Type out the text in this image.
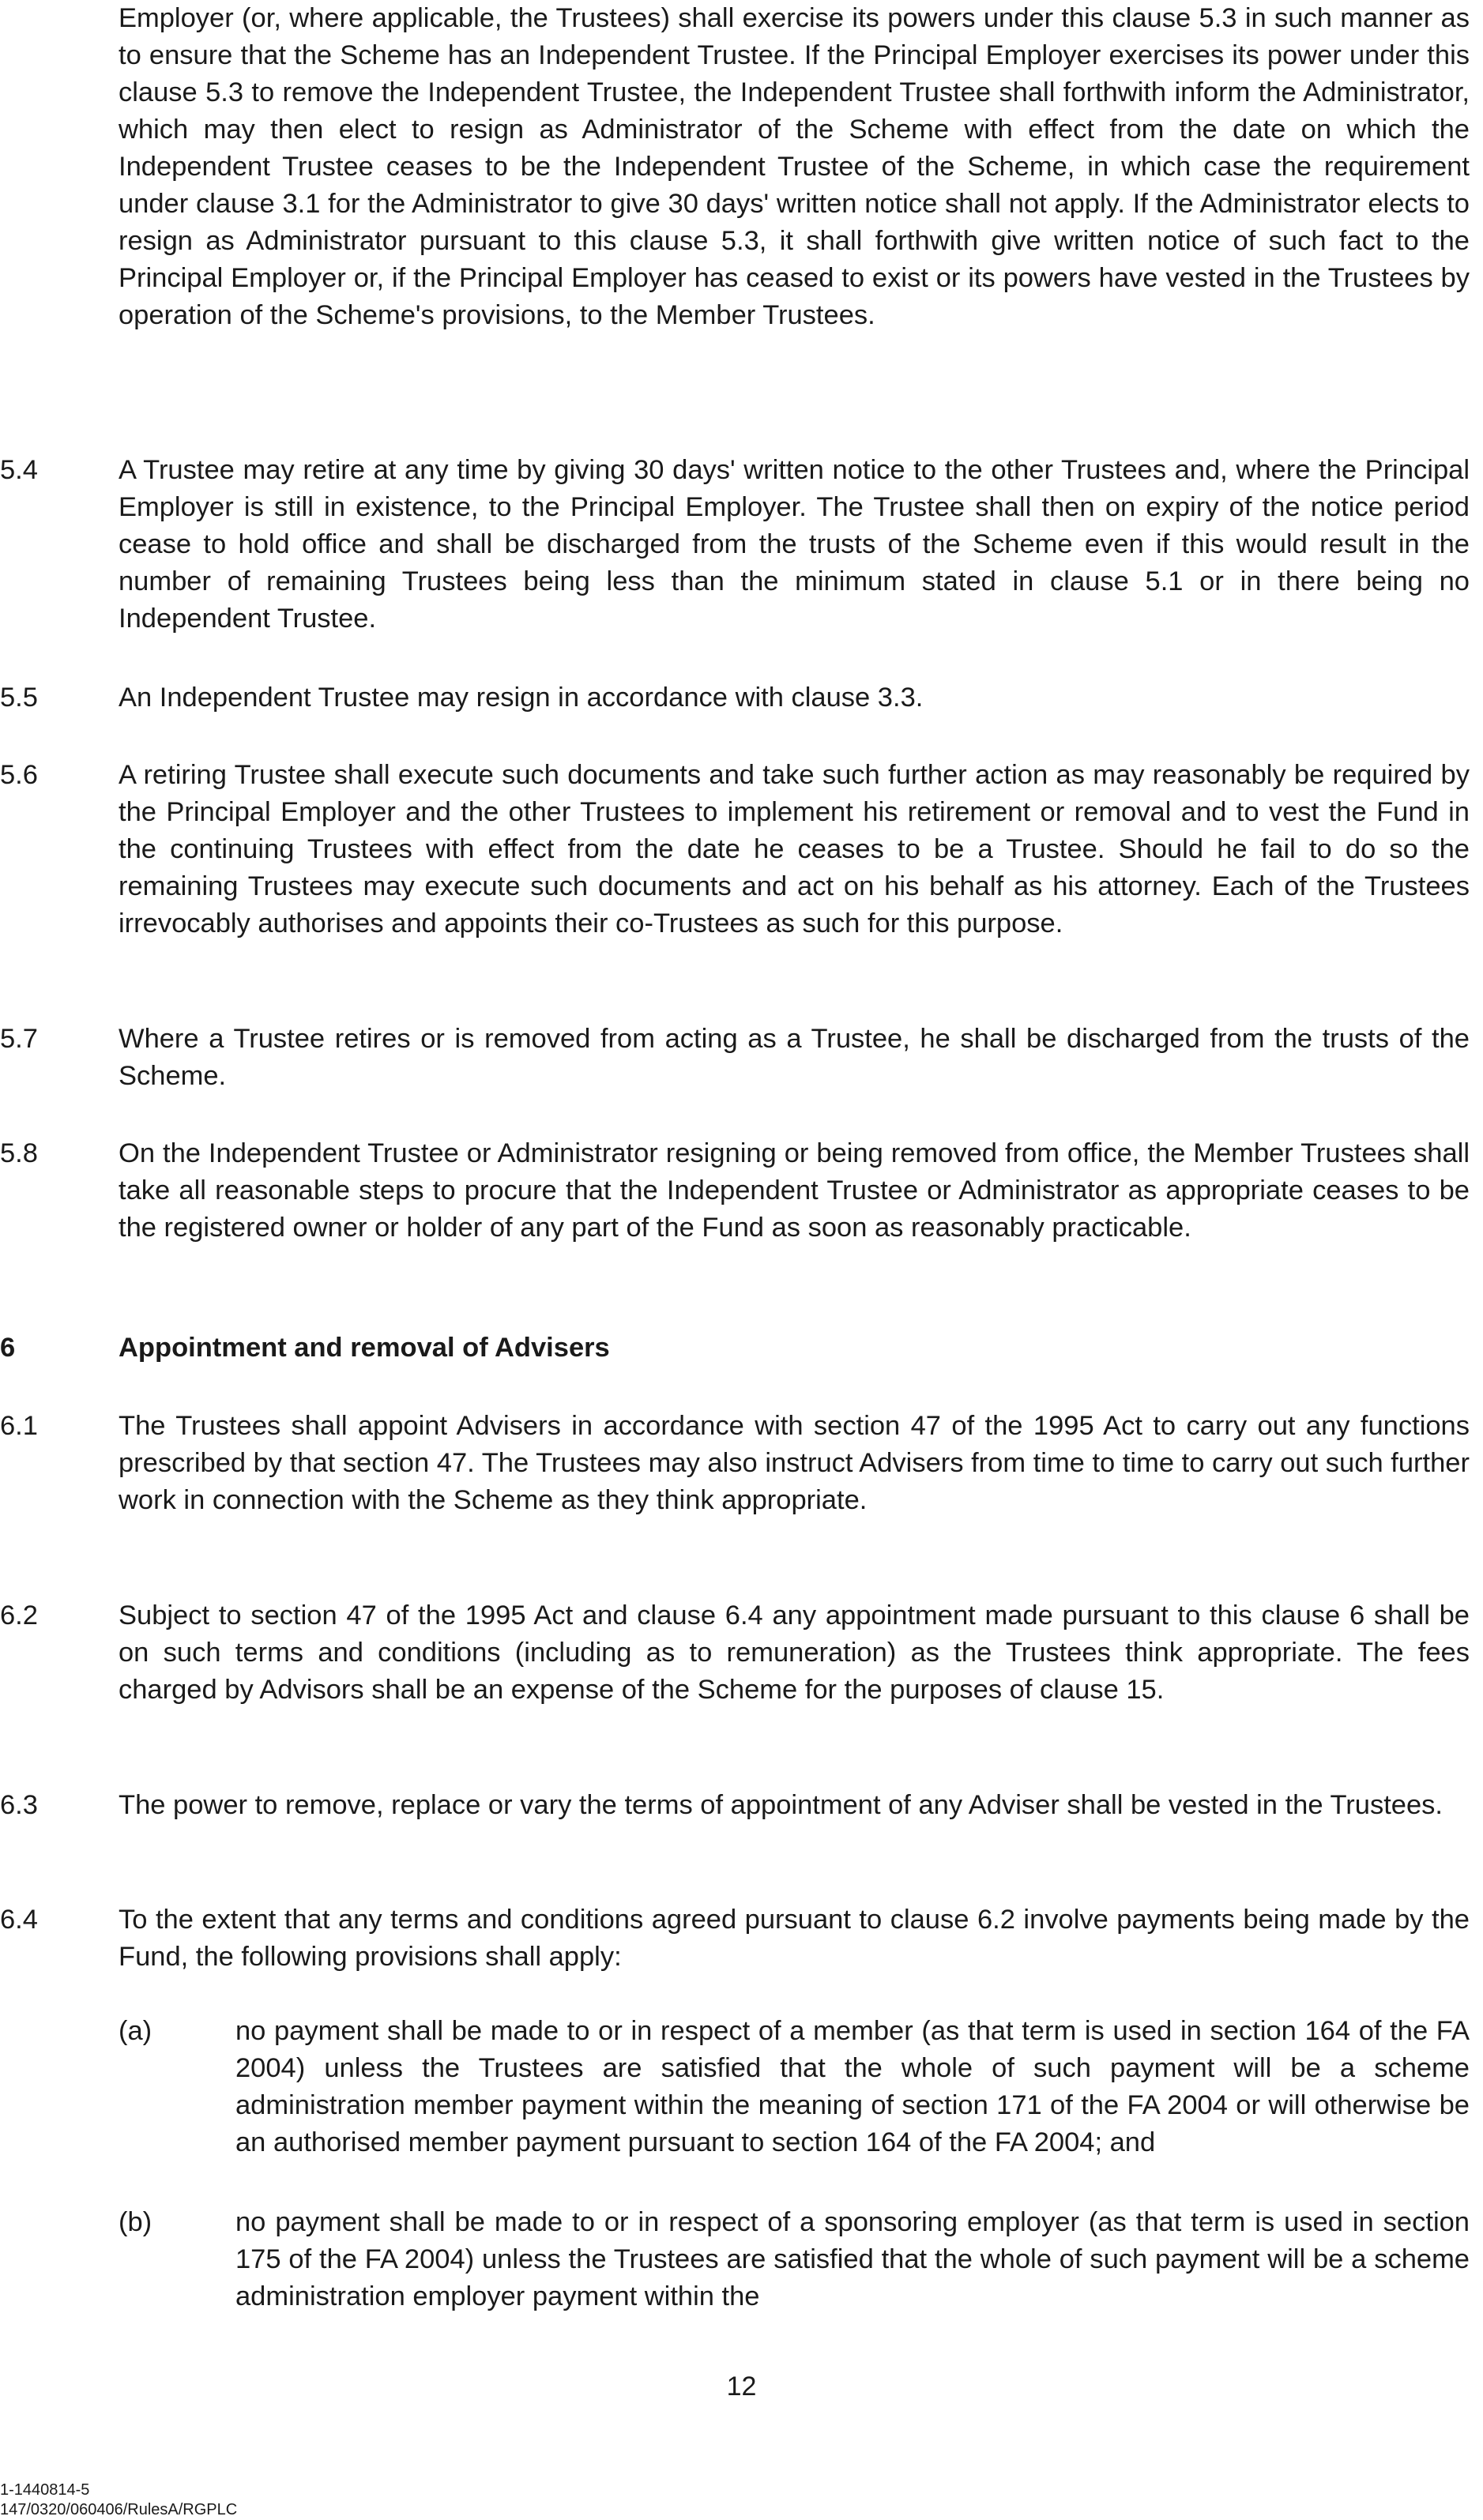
Employer (or, where applicable, the Trustees) shall exercise its powers under this clause 5.3 in such manner as to ensure that the Scheme has an Independent Trustee. If the Principal Employer exercises its power under this clause 5.3 to remove the Independent Trustee, the Independent Trustee shall forthwith inform the Administrator, which may then elect to resign as Administrator of the Scheme with effect from the date on which the Independent Trustee ceases to be the Independent Trustee of the Scheme, in which case the requirement under clause 3.1 for the Administrator to give 30 days' written notice shall not apply. If the Administrator elects to resign as Administrator pursuant to this clause 5.3, it shall forthwith give written notice of such fact to the Principal Employer or, if the Principal Employer has ceased to exist or its powers have vested in the Trustees by operation of the Scheme's provisions, to the Member Trustees.

5.4	A Trustee may retire at any time by giving 30 days' written notice to the other Trustees and, where the Principal Employer is still in existence, to the Principal Employer. The Trustee shall then on expiry of the notice period cease to hold office and shall be discharged from the trusts of the Scheme even if this would result in the number of remaining Trustees being less than the minimum stated in clause 5.1 or in there being no Independent Trustee.

5.5	An Independent Trustee may resign in accordance with clause 3.3.

5.6	A retiring Trustee shall execute such documents and take such further action as may reasonably be required by the Principal Employer and the other Trustees to implement his retirement or removal and to vest the Fund in the continuing Trustees with effect from the date he ceases to be a Trustee. Should he fail to do so the remaining Trustees may execute such documents and act on his behalf as his attorney. Each of the Trustees irrevocably authorises and appoints their co-Trustees as such for this purpose.

5.7	Where a Trustee retires or is removed from acting as a Trustee, he shall be discharged from the trusts of the Scheme.

5.8	On the Independent Trustee or Administrator resigning or being removed from office, the Member Trustees shall take all reasonable steps to procure that the Independent Trustee or Administrator as appropriate ceases to be the registered owner or holder of any part of the Fund as soon as reasonably practicable.

6	Appointment and removal of Advisers
6.1	The Trustees shall appoint Advisers in accordance with section 47 of the 1995 Act to carry out any functions prescribed by that section 47. The Trustees may also instruct Advisers from time to time to carry out such further work in connection with the Scheme as they think appropriate.

6.2	Subject to section 47 of the 1995 Act and clause 6.4 any appointment made pursuant to this clause 6 shall be on such terms and conditions (including as to remuneration) as the Trustees think appropriate. The fees charged by Advisors shall be an expense of the Scheme for the purposes of clause 15.

6.3	The power to remove, replace or vary the terms of appointment of any Adviser shall be vested in the Trustees.

6.4	To the extent that any terms and conditions agreed pursuant to clause 6.2 involve payments being made by the Fund, the following provisions shall apply:

(a)	no payment shall be made to or in respect of a member (as that term is used in section 164 of the FA 2004) unless the Trustees are satisfied that the whole of such payment will be a scheme administration member payment within the meaning of section 171 of the FA 2004 or will otherwise be an authorised member payment pursuant to section 164 of the FA 2004; and

(b)	no payment shall be made to or in respect of a sponsoring employer (as that term is used in section 175 of the FA 2004) unless the Trustees are satisfied that the whole of such payment will be a scheme administration employer payment within the

12
1-1440814-5
147/0320/060406/RulesA/RGPLC
